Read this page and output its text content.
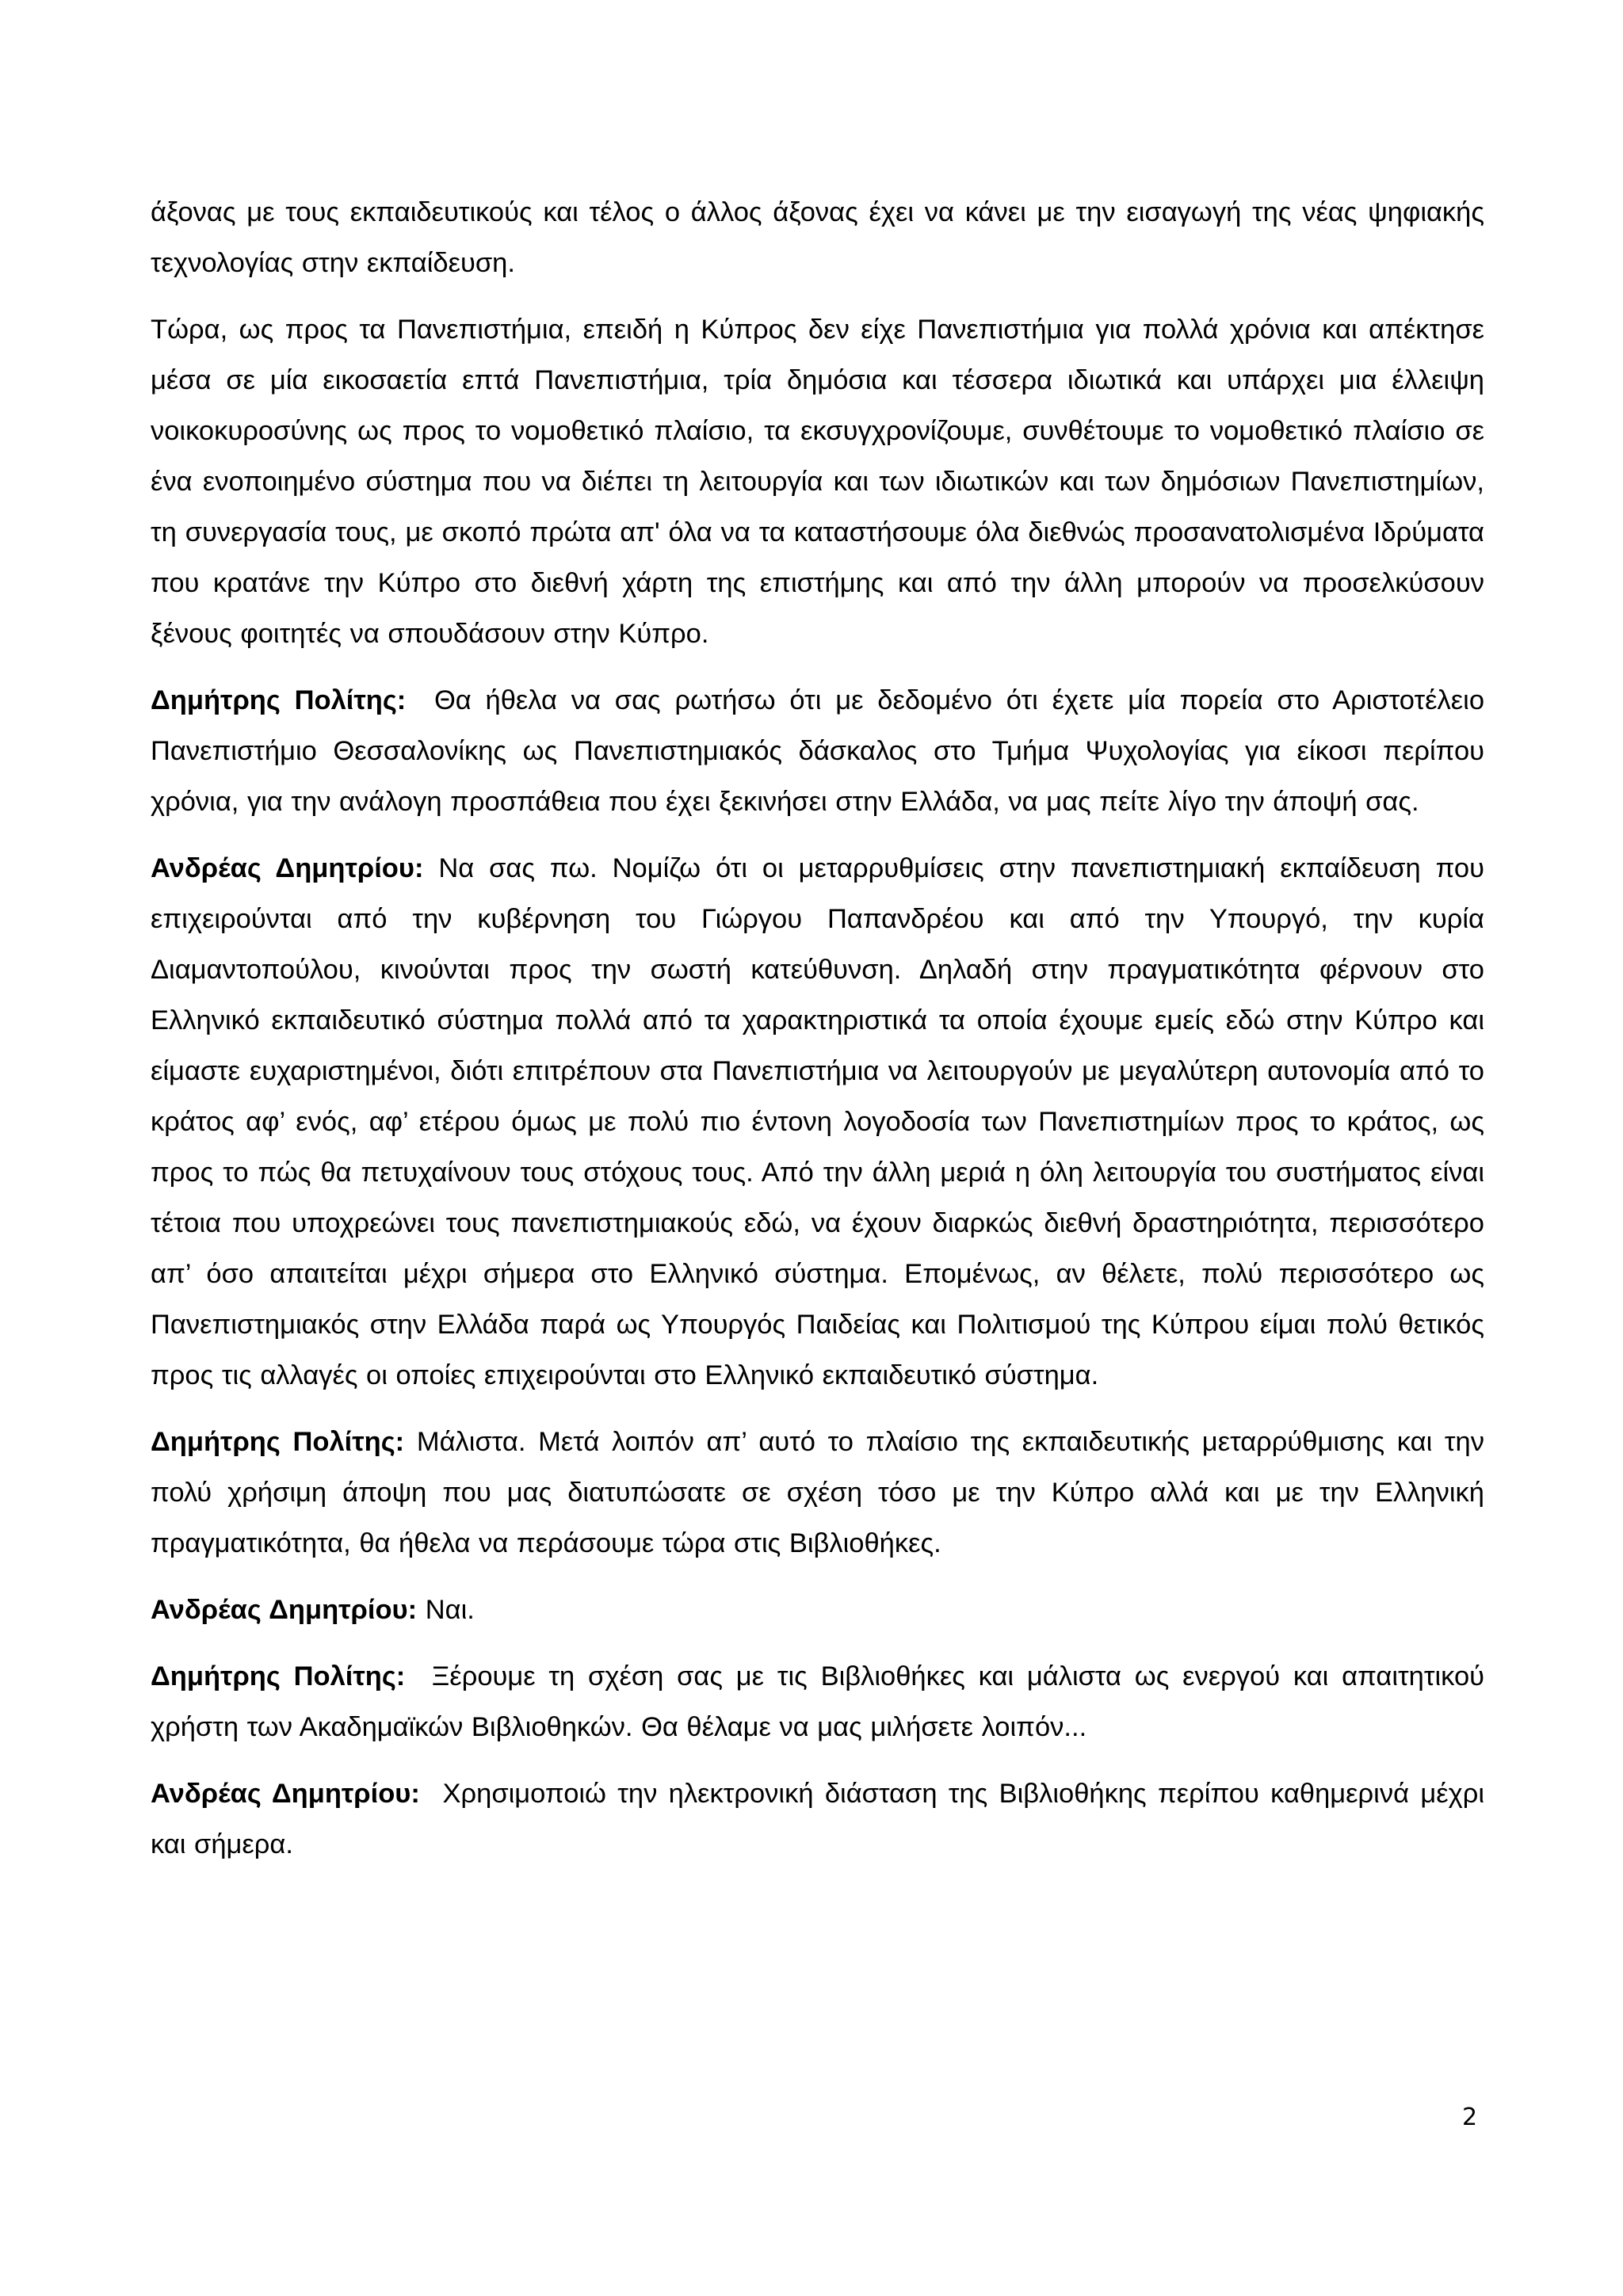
άξονας με τους εκπαιδευτικούς και τέλος ο άλλος άξονας έχει να κάνει με την εισαγωγή της νέας ψηφιακής τεχνολογίας στην εκπαίδευση.

Τώρα, ως προς τα Πανεπιστήμια, επειδή η Κύπρος δεν είχε Πανεπιστήμια για πολλά χρόνια και απέκτησε μέσα σε μία εικοσαετία επτά Πανεπιστήμια, τρία δημόσια και τέσσερα ιδιωτικά και υπάρχει μια έλλειψη νοικοκυροσύνης ως προς το νομοθετικό πλαίσιο, τα εκσυγχρονίζουμε, συνθέτουμε το νομοθετικό πλαίσιο σε ένα ενοποιημένο σύστημα που να διέπει τη λειτουργία και των ιδιωτικών και των δημόσιων Πανεπιστημίων, τη συνεργασία τους, με σκοπό πρώτα απ' όλα να τα καταστήσουμε όλα διεθνώς προσανατολισμένα Ιδρύματα που κρατάνε την Κύπρο στο διεθνή χάρτη της επιστήμης και από την άλλη μπορούν να προσελκύσουν ξένους φοιτητές να σπουδάσουν στην Κύπρο.

Δημήτρης Πολίτης: Θα ήθελα να σας ρωτήσω ότι με δεδομένο ότι έχετε μία πορεία στο Αριστοτέλειο Πανεπιστήμιο Θεσσαλονίκης ως Πανεπιστημιακός δάσκαλος στο Τμήμα Ψυχολογίας για είκοσι περίπου χρόνια, για την ανάλογη προσπάθεια που έχει ξεκινήσει στην Ελλάδα, να μας πείτε λίγο την άποψή σας.

Ανδρέας Δημητρίου: Να σας πω. Νομίζω ότι οι μεταρρυθμίσεις στην πανεπιστημιακή εκπαίδευση που επιχειρούνται από την κυβέρνηση του Γιώργου Παπανδρέου και από την Υπουργό, την κυρία Διαμαντοπούλου, κινούνται προς την σωστή κατεύθυνση. Δηλαδή στην πραγματικότητα φέρνουν στο Ελληνικό εκπαιδευτικό σύστημα πολλά από τα χαρακτηριστικά τα οποία έχουμε εμείς εδώ στην Κύπρο και είμαστε ευχαριστημένοι, διότι επιτρέπουν στα Πανεπιστήμια να λειτουργούν με μεγαλύτερη αυτονομία από το κράτος αφ’ ενός, αφ’ ετέρου όμως με πολύ πιο έντονη λογοδοσία των Πανεπιστημίων προς το κράτος, ως προς το πώς θα πετυχαίνουν τους στόχους τους. Από την άλλη μεριά η όλη λειτουργία του συστήματος είναι τέτοια που υποχρεώνει τους πανεπιστημιακούς εδώ, να έχουν διαρκώς διεθνή δραστηριότητα, περισσότερο απ’ όσο απαιτείται μέχρι σήμερα στο Ελληνικό σύστημα. Επομένως, αν θέλετε, πολύ περισσότερο ως Πανεπιστημιακός στην Ελλάδα παρά ως Υπουργός Παιδείας και Πολιτισμού της Κύπρου είμαι πολύ θετικός προς τις αλλαγές οι οποίες επιχειρούνται στο Ελληνικό εκπαιδευτικό σύστημα.

Δημήτρης Πολίτης: Μάλιστα. Μετά λοιπόν απ’ αυτό το πλαίσιο της εκπαιδευτικής μεταρρύθμισης και την πολύ χρήσιμη άποψη που μας διατυπώσατε σε σχέση τόσο με την Κύπρο αλλά και με την Ελληνική πραγματικότητα, θα ήθελα να περάσουμε τώρα στις Βιβλιοθήκες.

Ανδρέας Δημητρίου: Ναι.

Δημήτρης Πολίτης: Ξέρουμε τη σχέση σας με τις Βιβλιοθήκες και μάλιστα ως ενεργού και απαιτητικού χρήστη των Ακαδημαϊκών Βιβλιοθηκών. Θα θέλαμε να μας μιλήσετε λοιπόν...

Ανδρέας Δημητρίου: Χρησιμοποιώ την ηλεκτρονική διάσταση της Βιβλιοθήκης περίπου καθημερινά μέχρι και σήμερα.

2
